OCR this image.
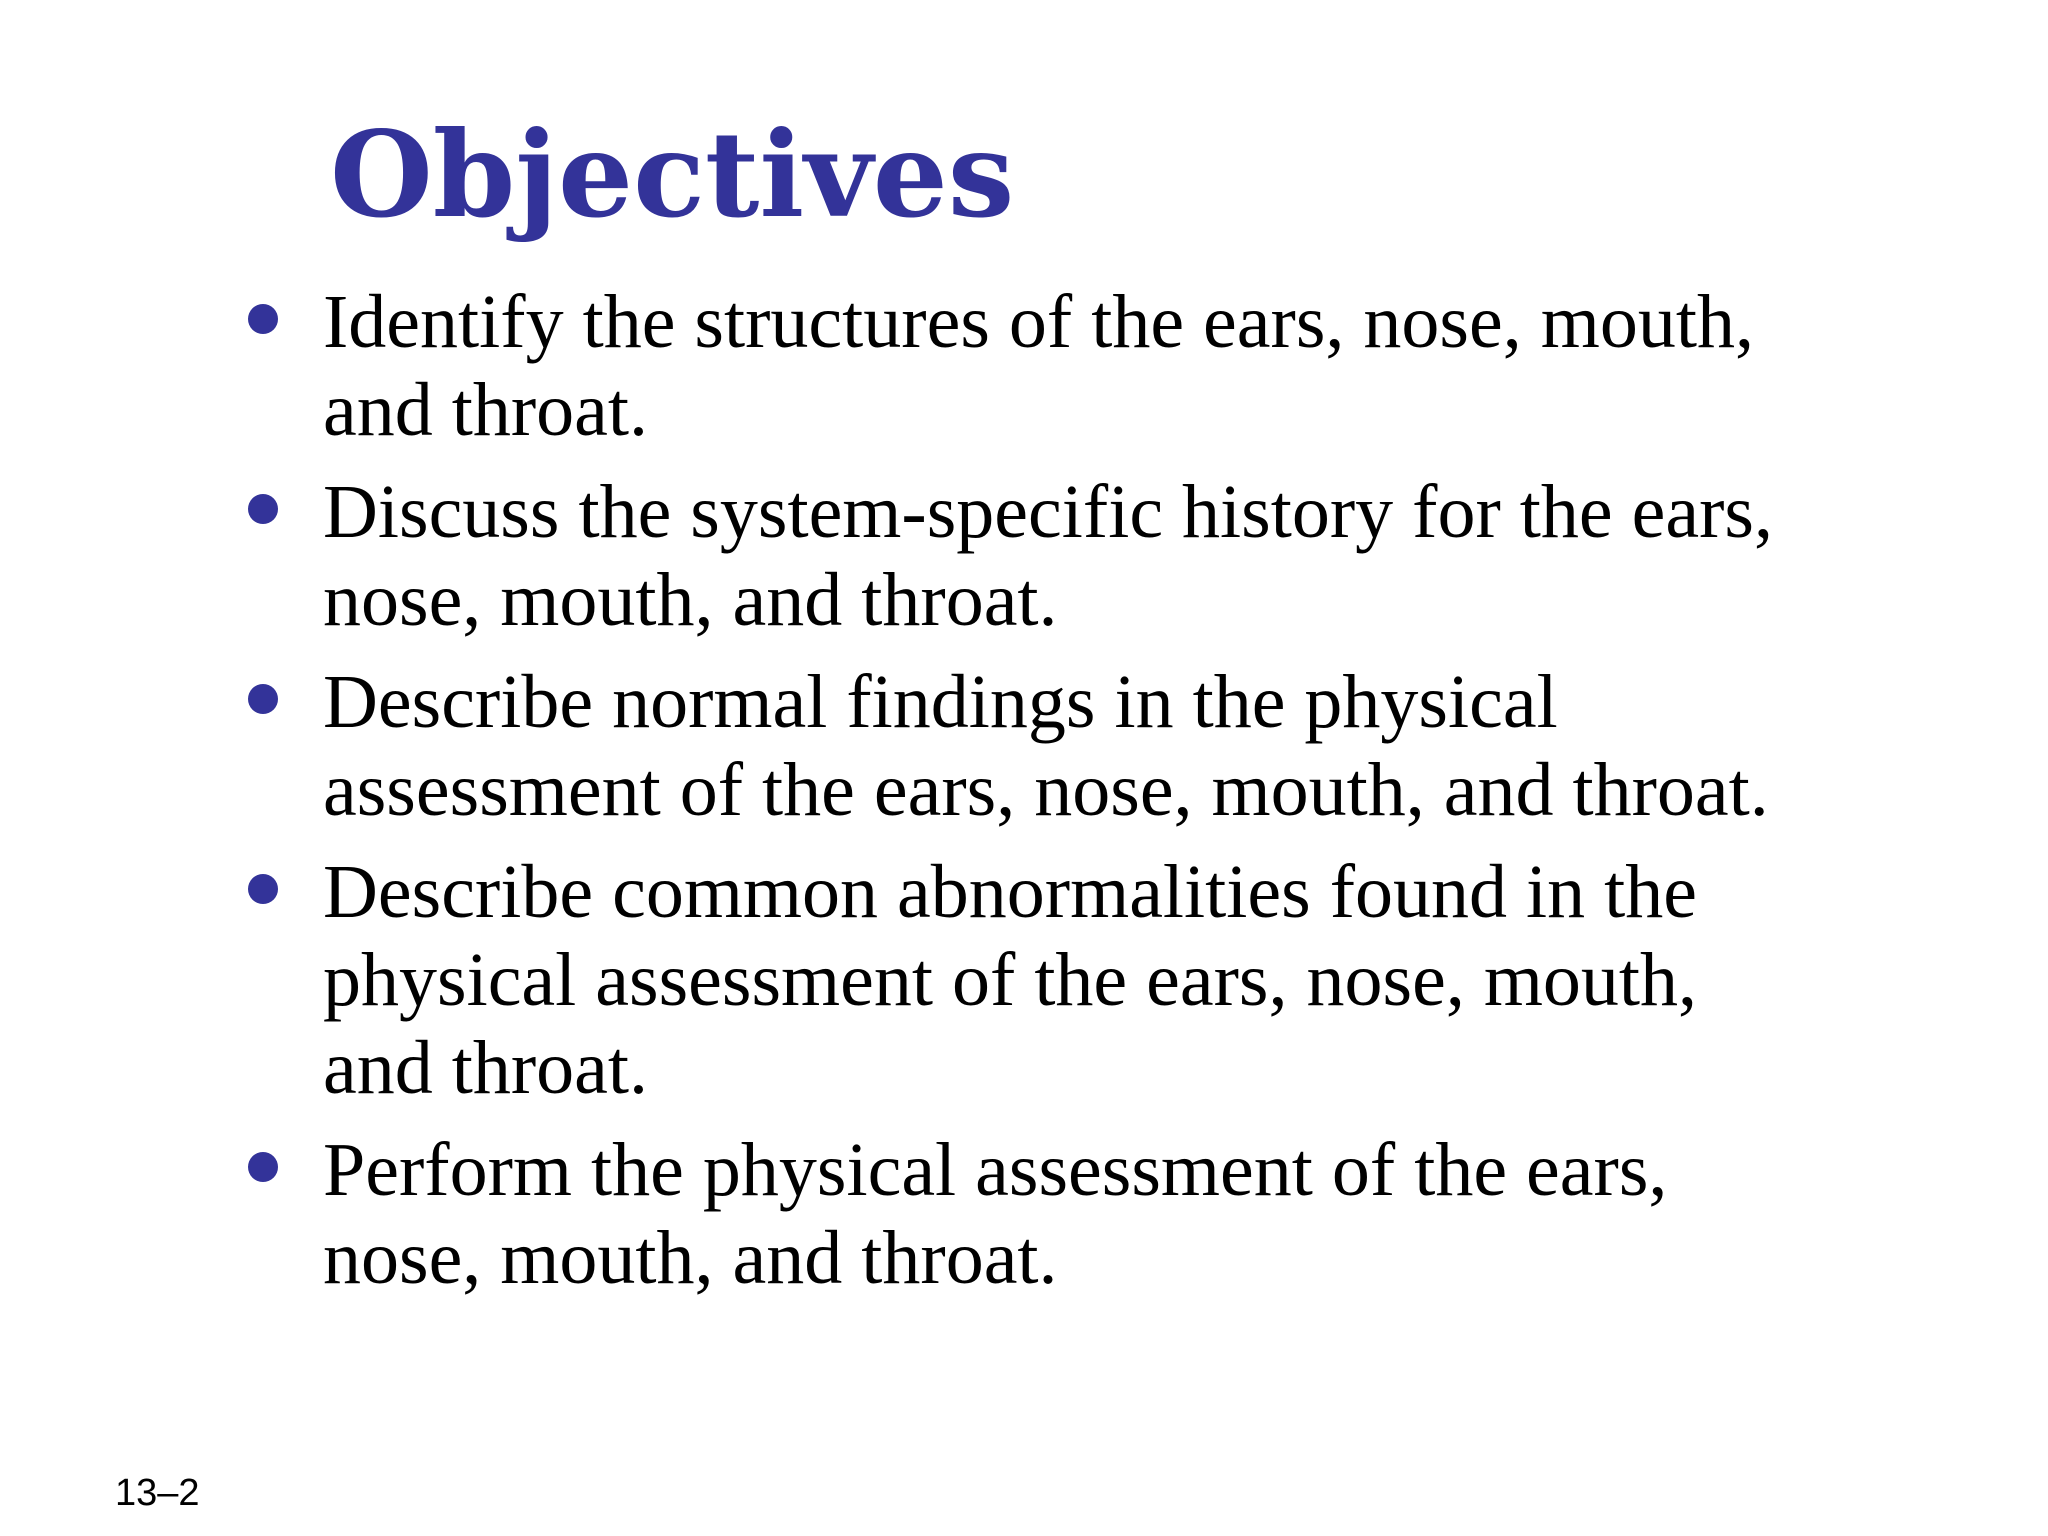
Objectives
Identify the structures of the ears, nose, mouth, and throat.
Discuss the system-specific history for the ears, nose, mouth, and throat.
Describe normal findings in the physical assessment of the ears, nose, mouth, and throat.
Describe common abnormalities found in the physical assessment of the ears, nose, mouth, and throat.
Perform the physical assessment of the ears, nose, mouth, and throat.
13–2
